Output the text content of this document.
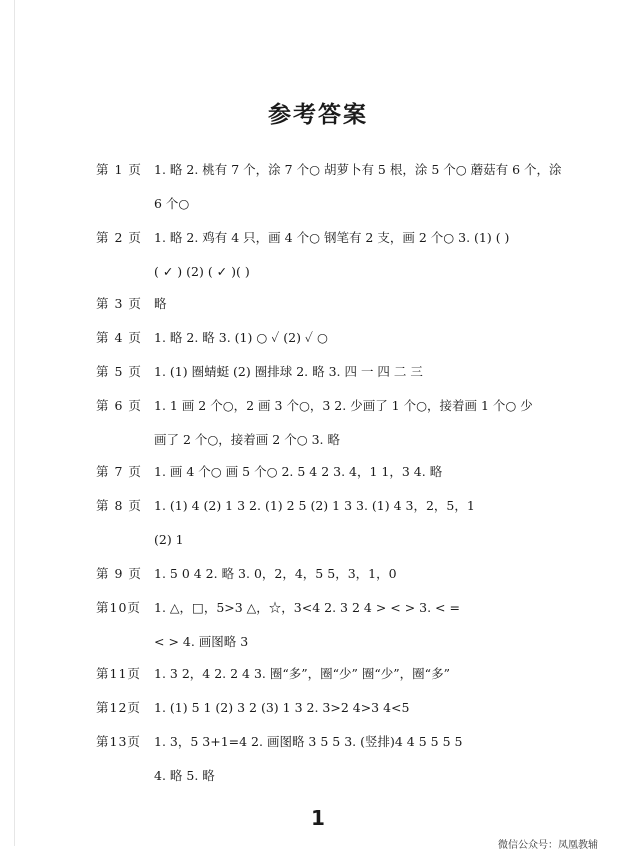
参考答案
第 1 页 1. 略 2. 桃有 7 个，涂 7 个○ 胡萝卜有 5 根，涂 5 个○ 蘑菇有 6 个，涂
6 个○
第 2 页 1. 略 2. 鸡有 4 只，画 4 个○ 钢笔有 2 支，画 2 个○ 3. (1) ( )
( ✓ ) (2) ( ✓ )( )
第 3 页 略
第 4 页 1. 略 2. 略 3. (1) ○ ✓ (2) ✓ ○
第 5 页 1. (1) 圈蜻蜓 (2) 圈排球 2. 略 3. 四 一 四 二 三
第 6 页 1. 1 画 2 个○，2 画 3 个○，3 2. 少画了 1 个○，接着画 1 个○ 少
画了 2 个○，接着画 2 个○ 3. 略
第 7 页 1. 画 4 个○ 画 5 个○ 2. 5 4 2 3. 4，1 1，3 4. 略
第 8 页 1. (1) 4 (2) 1 3 2. (1) 2 5 (2) 1 3 3. (1) 4 3，2，5，1
(2) 1
第 9 页 1. 5 0 4 2. 略 3. 0，2，4，5 5，3，1，0
第10页	1. △，□，5>3 △，☆，3<4 2. 3 2 4 > < > 3. < =
< > 4. 画图略 3
第11页	1. 3 2，4 2. 2 4 3. 圈“多”，圈“少” 圈“少”，圈“多”
第12页	1. (1) 5 1 (2) 3 2 (3) 1 3 2. 3>2 4>3 4<5
第13页	1. 3，5 3+1=4 2. 画图略 3 5 5 3. (竖排)4 4 5 5 5 5
4. 略 5. 略
1
微信公众号：凤凰教辅
